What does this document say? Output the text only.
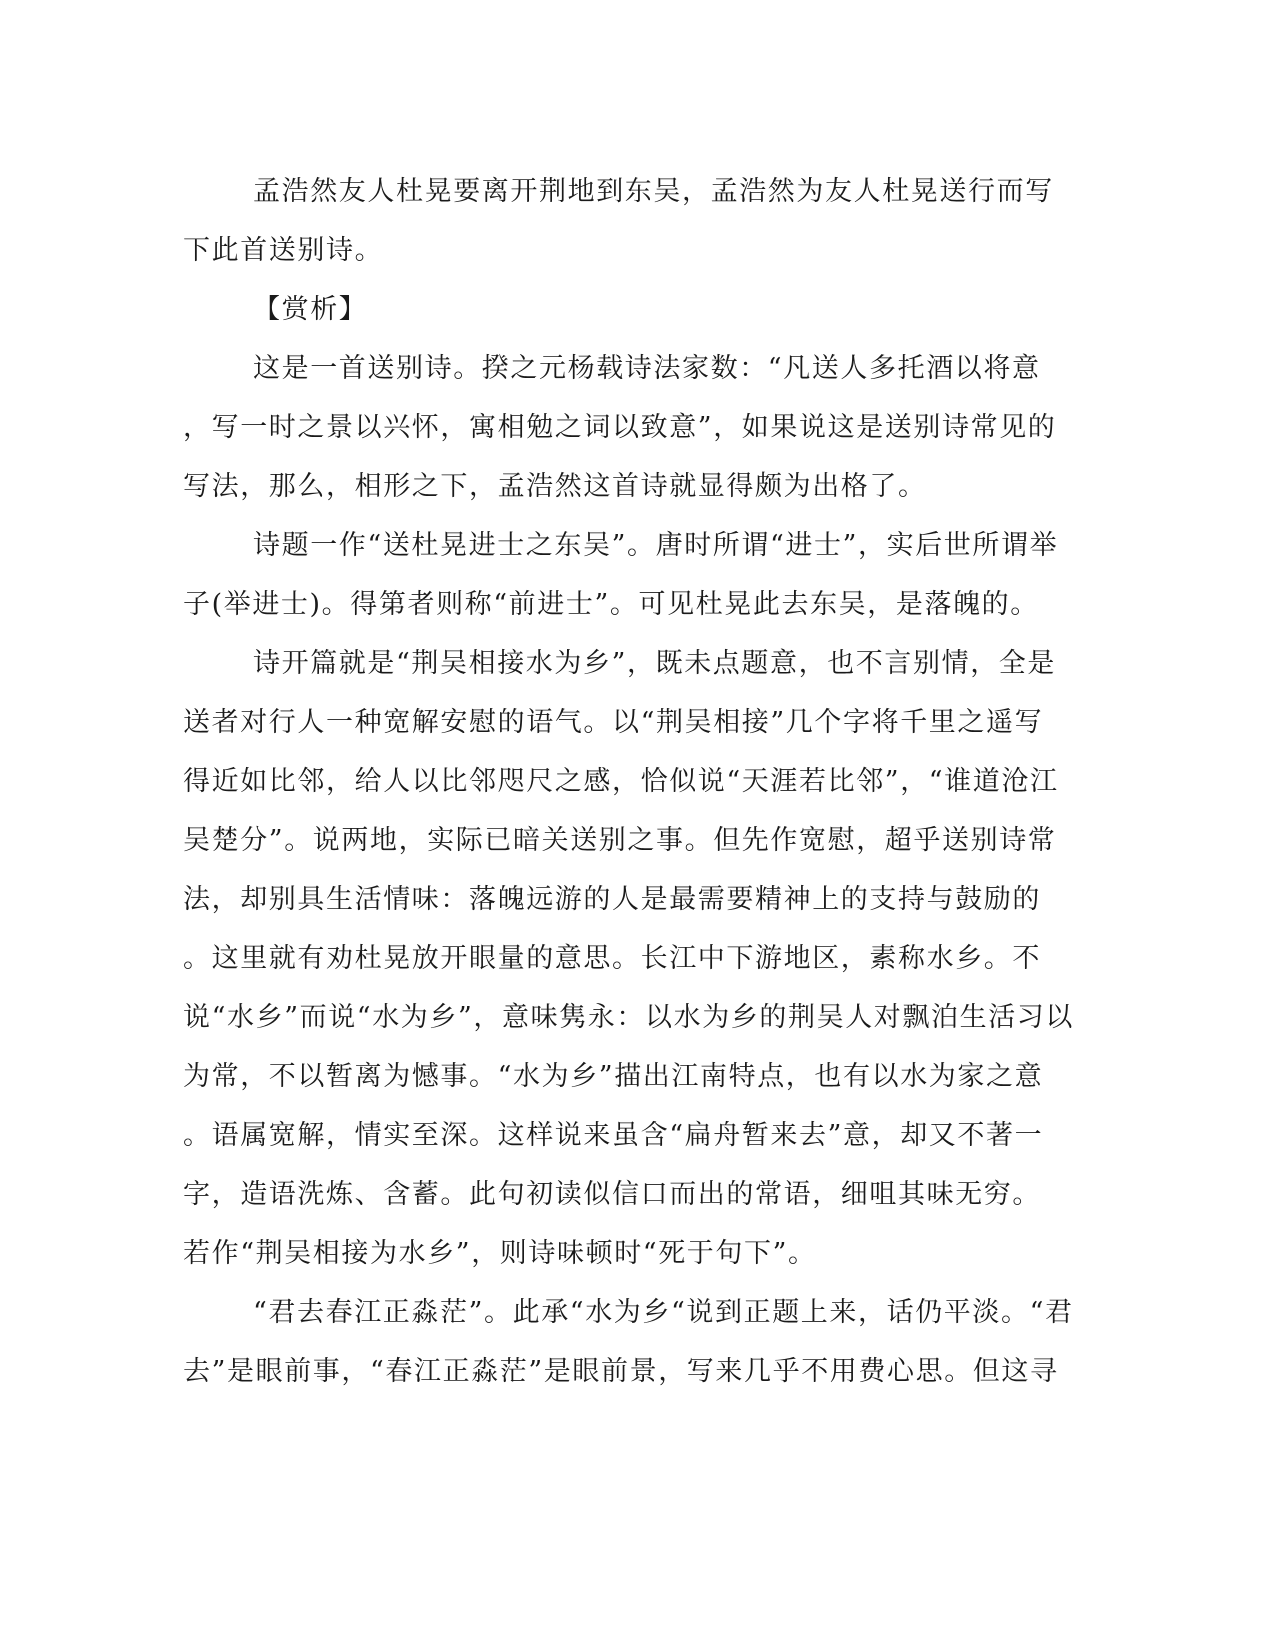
孟浩然友人杜晃要离开荆地到东吴，孟浩然为友人杜晃送行而写
下此首送别诗。
【赏析】
这是一首送别诗。揆之元杨载诗法家数：“凡送人多托酒以将意
，写一时之景以兴怀，寓相勉之词以致意”，如果说这是送别诗常见的
写法，那么，相形之下，孟浩然这首诗就显得颇为出格了。
诗题一作“送杜晃进士之东吴”。唐时所谓“进士”，实后世所谓举
子(举进士)。得第者则称“前进士”。可见杜晃此去东吴，是落魄的。
诗开篇就是“荆吴相接水为乡”，既未点题意，也不言别情，全是
送者对行人一种宽解安慰的语气。以“荆吴相接”几个字将千里之遥写
得近如比邻，给人以比邻咫尺之感，恰似说“天涯若比邻”，“谁道沧江
吴楚分”。说两地，实际已暗关送别之事。但先作宽慰，超乎送别诗常
法，却别具生活情味：落魄远游的人是最需要精神上的支持与鼓励的
。这里就有劝杜晃放开眼量的意思。长江中下游地区，素称水乡。不
说“水乡”而说“水为乡”，意味隽永：以水为乡的荆吴人对飘泊生活习以
为常，不以暂离为憾事。“水为乡”描出江南特点，也有以水为家之意
。语属宽解，情实至深。这样说来虽含“扁舟暂来去”意，却又不著一
字，造语洗炼、含蓄。此句初读似信口而出的常语，细咀其味无穷。
若作“荆吴相接为水乡”，则诗味顿时“死于句下”。
“君去春江正淼茫”。此承“水为乡“说到正题上来，话仍平淡。“君
去”是眼前事，“春江正淼茫”是眼前景，写来几乎不用费心思。但这寻
